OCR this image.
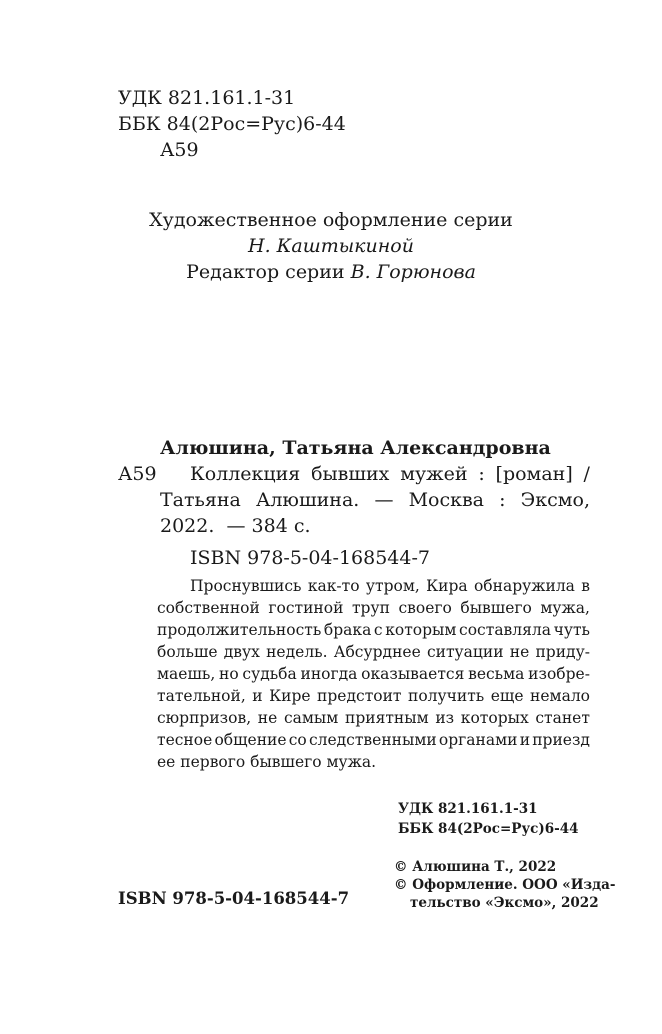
УДК 821.161.1-31
ББК 84(2Рос=Рус)6-44
А59
Художественное оформление серии
Н. Каштыкиной
Редактор серии В. Горюнова
Алюшина, Татьяна Александровна
А59 Коллекция бывших мужей : [роман] /
Татьяна Алюшина. — Москва : Эксмо,
2022.  — 384 с.
ISBN 978-5-04-168544-7
Проснувшись как-то утром, Кира обнаружила в
собственной гостиной труп своего бывшего мужа,
продолжительность брака с которым составляла чуть
больше двух недель. Абсурднее ситуации не приду-
маешь, но судьба иногда оказывается весьма изобре-
тательной, и Кире предстоит получить еще немало
сюрпризов, не самым приятным из которых станет
тесное общение со следственными органами и приезд
ее первого бывшего мужа.
УДК 821.161.1-31
ББК 84(2Рос=Рус)6-44
© Алюшина Т., 2022
ISBN 978-5-04-168544-7
© Оформление. ООО «Изда-
тельство «Эксмо», 2022
